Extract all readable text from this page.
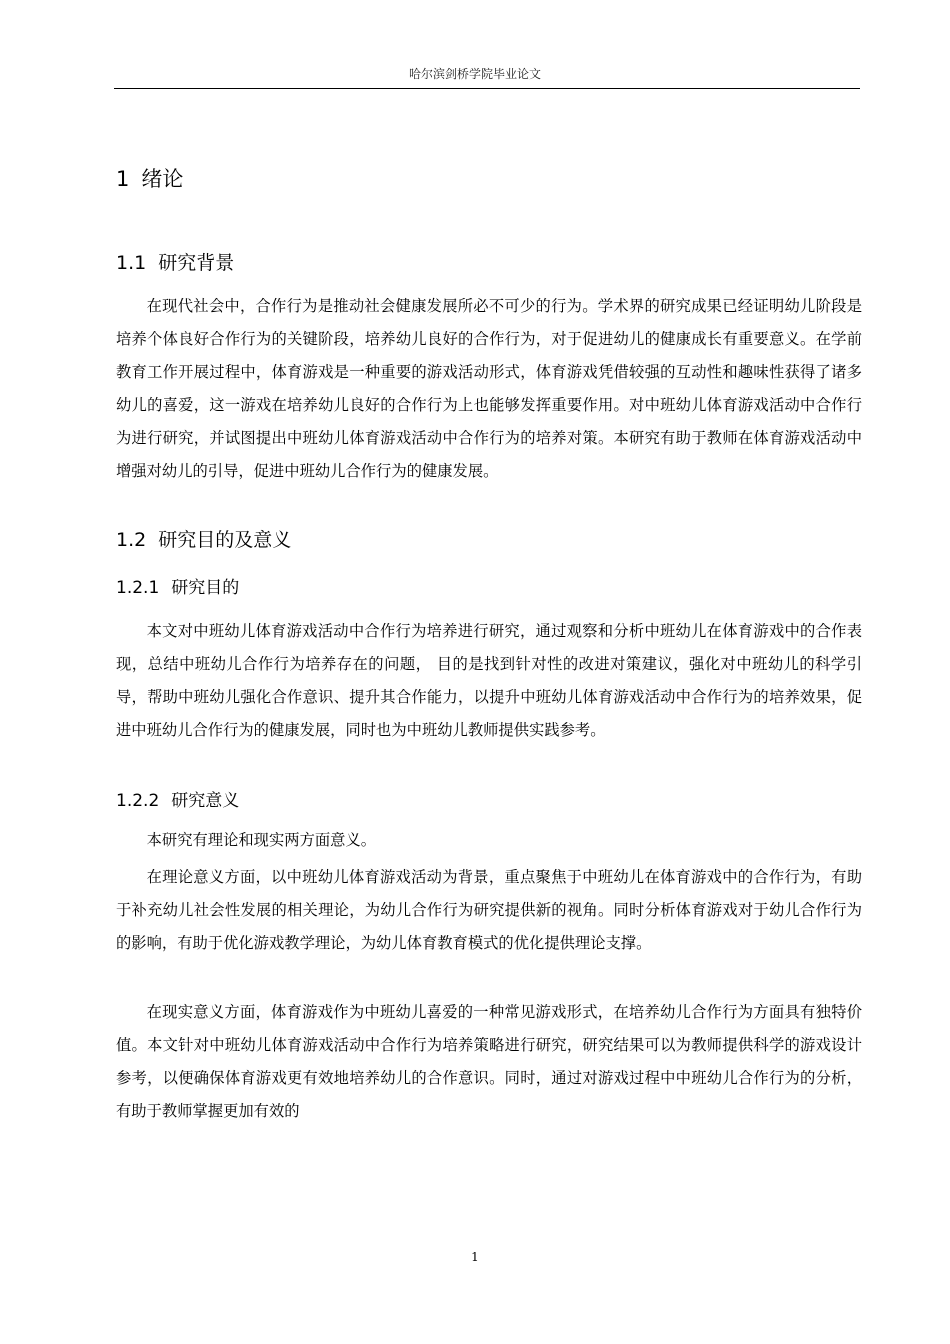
哈尔滨剑桥学院毕业论文
1 绪论
1.1 研究背景

在现代社会中，合作行为是推动社会健康发展所必不可少的行为。学术界的研究成果已经证明幼儿阶段是培养个体良好合作行为的关键阶段，培养幼儿良好的合作行为，对于促进幼儿的健康成长有重要意义。在学前教育工作开展过程中，体育游戏是一种重要的游戏活动形式，体育游戏凭借较强的互动性和趣味性获得了诸多幼儿的喜爱，这一游戏在培养幼儿良好的合作行为上也能够发挥重要作用。对中班幼儿体育游戏活动中合作行为进行研究，并试图提出中班幼儿体育游戏活动中合作行为的培养对策。本研究有助于教师在体育游戏活动中增强对幼儿的引导，促进中班幼儿合作行为的健康发展。

1.2 研究目的及意义
1.2.1 研究目的

本文对中班幼儿体育游戏活动中合作行为培养进行研究，通过观察和分析中班幼儿在体育游戏中的合作表现，总结中班幼儿合作行为培养存在的问题， 目的是找到针对性的改进对策建议，强化对中班幼儿的科学引导，帮助中班幼儿强化合作意识、提升其合作能力，以提升中班幼儿体育游戏活动中合作行为的培养效果，促进中班幼儿合作行为的健康发展，同时也为中班幼儿教师提供实践参考。

1.2.2 研究意义

本研究有理论和现实两方面意义。

在理论意义方面，以中班幼儿体育游戏活动为背景，重点聚焦于中班幼儿在体育游戏中的合作行为，有助于补充幼儿社会性发展的相关理论，为幼儿合作行为研究提供新的视角。同时分析体育游戏对于幼儿合作行为的影响，有助于优化游戏教学理论，为幼儿体育教育模式的优化提供理论支撑。

在现实意义方面，体育游戏作为中班幼儿喜爱的一种常见游戏形式，在培养幼儿合作行为方面具有独特价值。本文针对中班幼儿体育游戏活动中合作行为培养策略进行研究，研究结果可以为教师提供科学的游戏设计参考，以便确保体育游戏更有效地培养幼儿的合作意识。同时，通过对游戏过程中中班幼儿合作行为的分析，有助于教师掌握更加有效的

1
